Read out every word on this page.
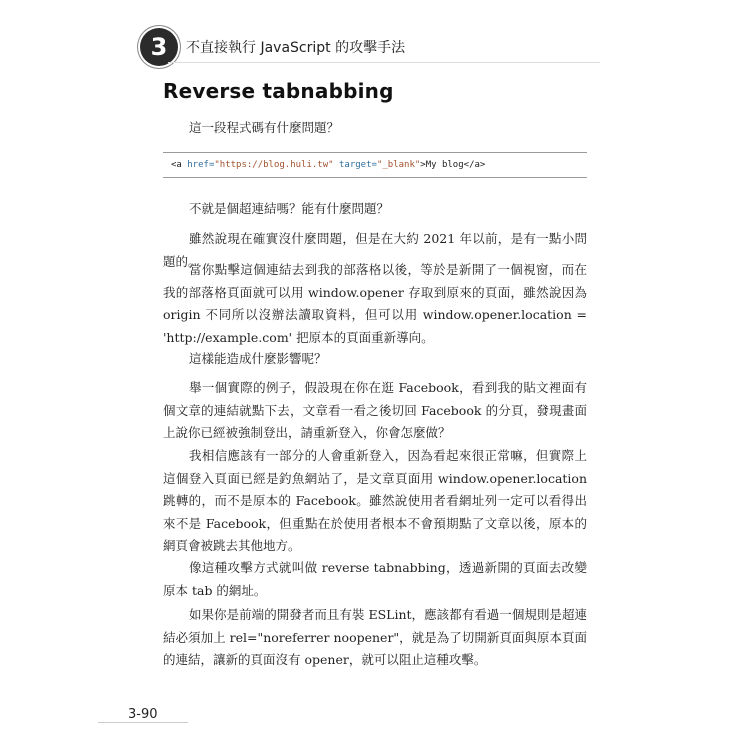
3 不直接執行 JavaScript 的攻擊手法
Reverse tabnabbing
這一段程式碼有什麼問題？
<a href="https://blog.huli.tw" target="_blank">My blog</a>
不就是個超連結嗎？能有什麼問題？
雖然說現在確實沒什麼問題，但是在大約 2021 年以前，是有一點小問題的。
當你點擊這個連結去到我的部落格以後，等於是新開了一個視窗，而在我的部落格頁面就可以用 window.opener 存取到原來的頁面，雖然說因為 origin 不同所以沒辦法讀取資料，但可以用 window.opener.location = 'http://example.com' 把原本的頁面重新導向。
這樣能造成什麼影響呢？
舉一個實際的例子，假設現在你在逛 Facebook，看到我的貼文裡面有個文章的連結就點下去，文章看一看之後切回 Facebook 的分頁，發現畫面上說你已經被強制登出，請重新登入，你會怎麼做？
我相信應該有一部分的人會重新登入，因為看起來很正常嘛，但實際上這個登入頁面已經是釣魚網站了，是文章頁面用 window.opener.location 跳轉的，而不是原本的 Facebook。雖然說使用者看網址列一定可以看得出來不是 Facebook，但重點在於使用者根本不會預期點了文章以後，原本的網頁會被跳去其他地方。
像這種攻擊方式就叫做 reverse tabnabbing，透過新開的頁面去改變原本 tab 的網址。
如果你是前端的開發者而且有裝 ESLint，應該都有看過一個規則是超連結必須加上 rel="noreferrer noopener"，就是為了切開新頁面與原本頁面的連結，讓新的頁面沒有 opener，就可以阻止這種攻擊。
3-90
